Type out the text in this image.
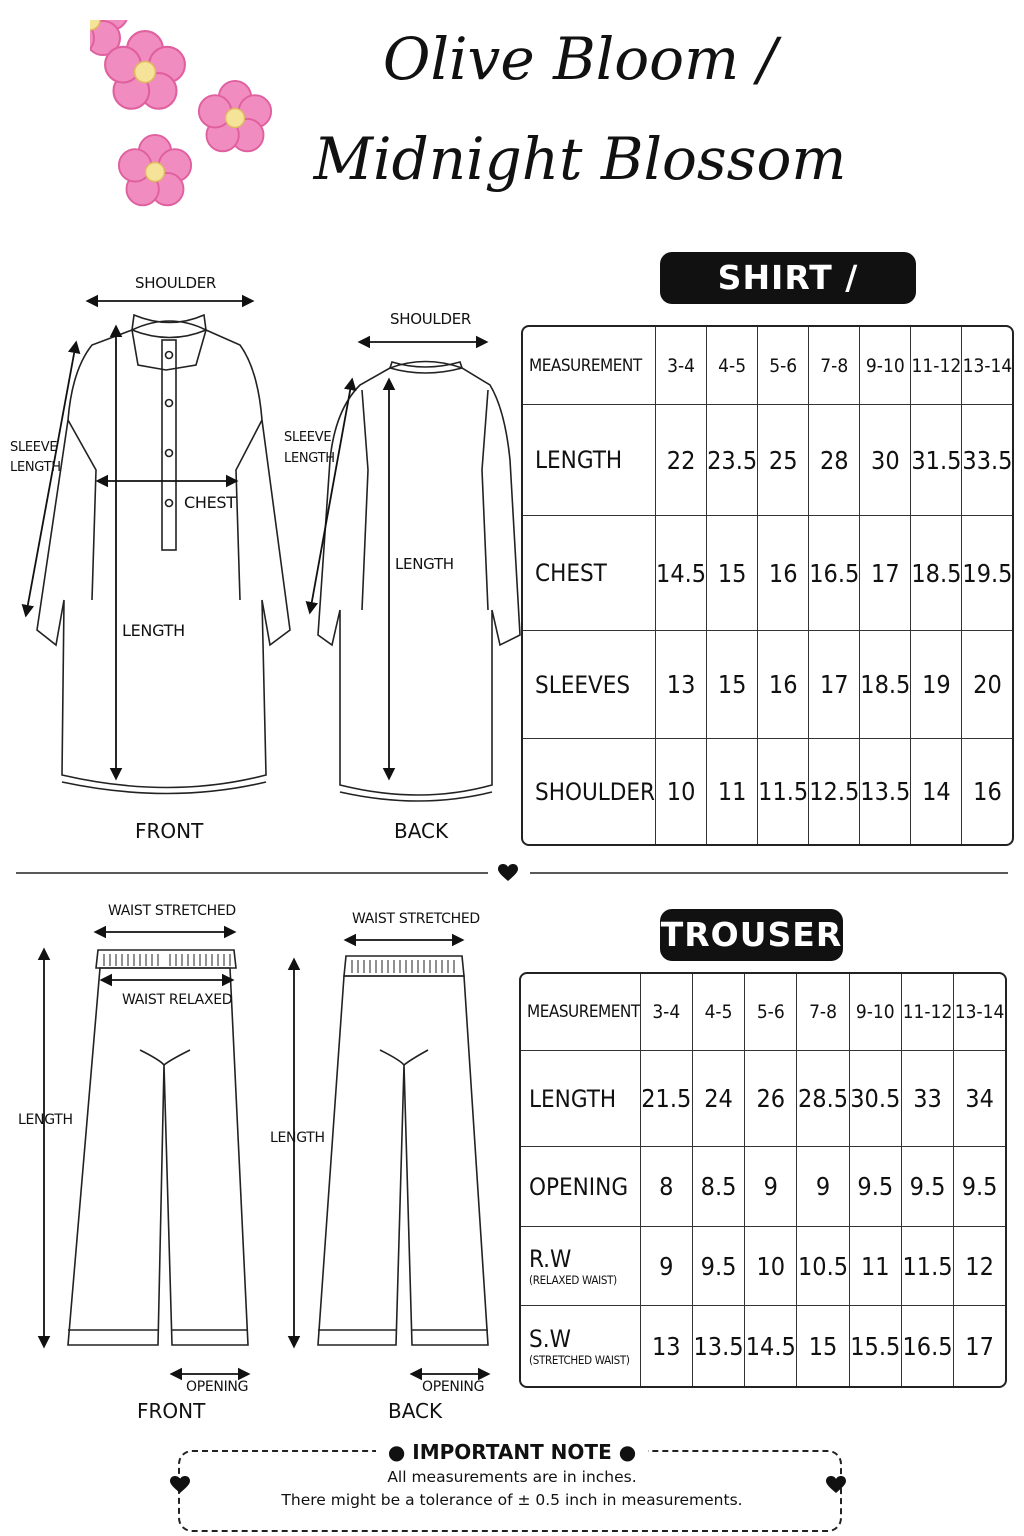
Olive Bloom /
Midnight Blossom
SHIRT /
MEASUREMENT	3-4	4-5	5-6	7-8	9-10	11-12	13-14
LENGTH	22	23.5	25	28	30	31.5	33.5
CHEST	14.5	15	16	16.5	17	18.5	19.5
SLEEVES	13	15	16	17	18.5	19	20
SHOULDER	10	11	11.5	12.5	13.5	14	16
SHOULDER
SLEEVE
LENGTH
CHEST
LENGTH
FRONT
SHOULDER
SLEEVE
LENGTH
LENGTH
BACK
TROUSER
MEASUREMENT	3-4	4-5	5-6	7-8	9-10	11-12	13-14
LENGTH	21.5	24	26	28.5	30.5	33	34
OPENING	8	8.5	9	9	9.5	9.5	9.5
R.W
(RELAXED WAIST)	9	9.5	10	10.5	11	11.5	12
S.W
(STRETCHED WAIST)	13	13.5	14.5	15	15.5	16.5	17
WAIST STRETCHED
WAIST RELAXED
LENGTH
OPENING
FRONT
WAIST STRETCHED
LENGTH
OPENING
BACK
● IMPORTANT NOTE ●
All measurements are in inches.
There might be a tolerance of ± 0.5 inch in measurements.
